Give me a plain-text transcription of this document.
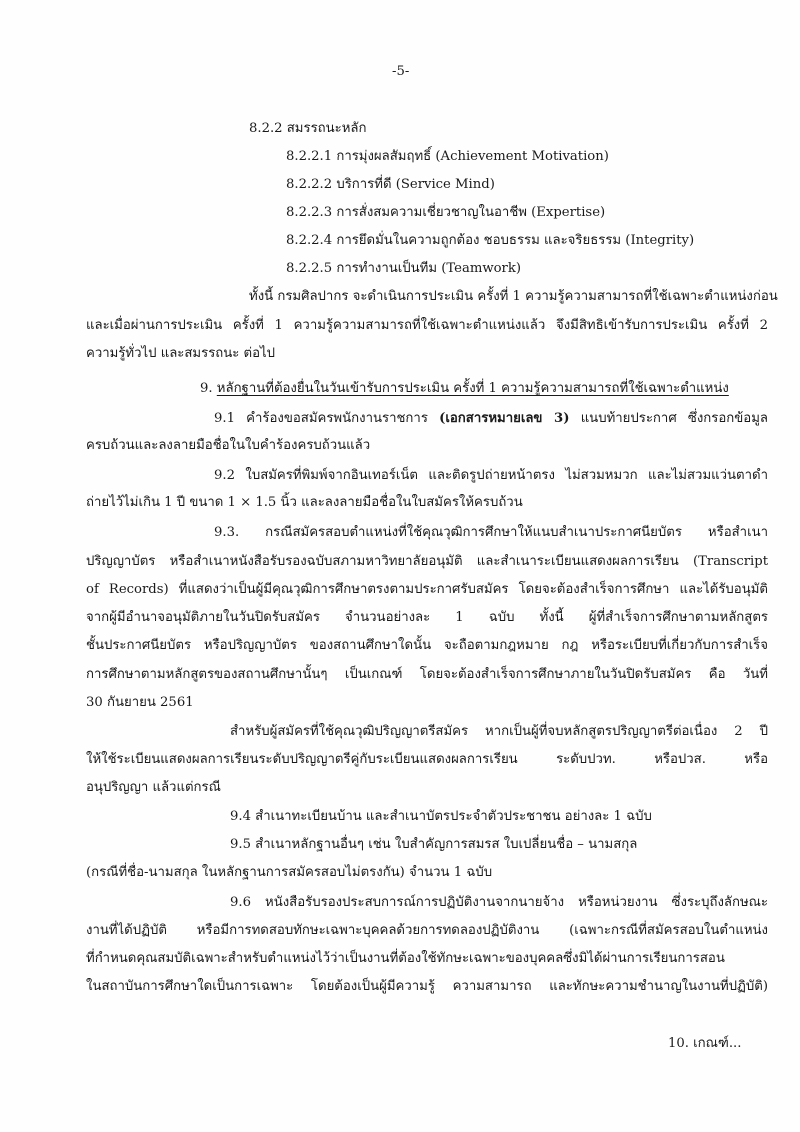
-5-
8.2.2 สมรรถนะหลัก
8.2.2.1 การมุ่งผลสัมฤทธิ์ (Achievement Motivation)
8.2.2.2 บริการที่ดี (Service Mind)
8.2.2.3 การสั่งสมความเชี่ยวชาญในอาชีพ (Expertise)
8.2.2.4 การยึดมั่นในความถูกต้อง ชอบธรรม และจริยธรรม (Integrity)
8.2.2.5 การทำงานเป็นทีม (Teamwork)
ทั้งนี้ กรมศิลปากร จะดำเนินการประเมิน ครั้งที่ 1 ความรู้ความสามารถที่ใช้เฉพาะตำแหน่งก่อน
และเมื่อผ่านการประเมิน ครั้งที่ 1 ความรู้ความสามารถที่ใช้เฉพาะตำแหน่งแล้ว จึงมีสิทธิเข้ารับการประเมิน ครั้งที่ 2
ความรู้ทั่วไป และสมรรถนะ ต่อไป
9. หลักฐานที่ต้องยื่นในวันเข้ารับการประเมิน ครั้งที่ 1 ความรู้ความสามารถที่ใช้เฉพาะตำแหน่ง
9.1 คำร้องขอสมัครพนักงานราชการ (เอกสารหมายเลข 3) แนบท้ายประกาศ ซึ่งกรอกข้อมูล
ครบถ้วนและลงลายมือชื่อในใบคำร้องครบถ้วนแล้ว
9.2 ใบสมัครที่พิมพ์จากอินเทอร์เน็ต และติดรูปถ่ายหน้าตรง ไม่สวมหมวก และไม่สวมแว่นตาดำ
ถ่ายไว้ไม่เกิน 1 ปี ขนาด 1 × 1.5 นิ้ว และลงลายมือชื่อในใบสมัครให้ครบถ้วน
9.3. กรณีสมัครสอบตำแหน่งที่ใช้คุณวุฒิการศึกษาให้แนบสำเนาประกาศนียบัตร หรือสำเนา
ปริญญาบัตร หรือสำเนาหนังสือรับรองฉบับสภามหาวิทยาลัยอนุมัติ และสำเนาระเบียนแสดงผลการเรียน (Transcript
of Records) ที่แสดงว่าเป็นผู้มีคุณวุฒิการศึกษาตรงตามประกาศรับสมัคร โดยจะต้องสำเร็จการศึกษา และได้รับอนุมัติ
จากผู้มีอำนาจอนุมัติภายในวันปิดรับสมัคร จำนวนอย่างละ 1 ฉบับ ทั้งนี้ ผู้ที่สำเร็จการศึกษาตามหลักสูตร
ชั้นประกาศนียบัตร หรือปริญญาบัตร ของสถานศึกษาใดนั้น จะถือตามกฎหมาย กฎ หรือระเบียบที่เกี่ยวกับการสำเร็จ
การศึกษาตามหลักสูตรของสถานศึกษานั้นๆ เป็นเกณฑ์ โดยจะต้องสำเร็จการศึกษาภายในวันปิดรับสมัคร คือ วันที่
30 กันยายน 2561
สำหรับผู้สมัครที่ใช้คุณวุฒิปริญญาตรีสมัคร หากเป็นผู้ที่จบหลักสูตรปริญญาตรีต่อเนื่อง 2 ปี
ให้ใช้ระเบียนแสดงผลการเรียนระดับปริญญาตรีคู่กับระเบียนแสดงผลการเรียน ระดับปวท. หรือปวส. หรือ
อนุปริญญา แล้วแต่กรณี
9.4 สำเนาทะเบียนบ้าน และสำเนาบัตรประจำตัวประชาชน อย่างละ 1 ฉบับ
9.5 สำเนาหลักฐานอื่นๆ เช่น ใบสำคัญการสมรส ใบเปลี่ยนชื่อ – นามสกุล
(กรณีที่ชื่อ-นามสกุล ในหลักฐานการสมัครสอบไม่ตรงกัน) จำนวน 1 ฉบับ
9.6 หนังสือรับรองประสบการณ์การปฏิบัติงานจากนายจ้าง หรือหน่วยงาน ซึ่งระบุถึงลักษณะ
งานที่ได้ปฏิบัติ หรือมีการทดสอบทักษะเฉพาะบุคคลด้วยการทดลองปฏิบัติงาน (เฉพาะกรณีที่สมัครสอบในตำแหน่ง
ที่กำหนดคุณสมบัติเฉพาะสำหรับตำแหน่งไว้ว่าเป็นงานที่ต้องใช้ทักษะเฉพาะของบุคคลซึ่งมิได้ผ่านการเรียนการสอน
ในสถาบันการศึกษาใดเป็นการเฉพาะ โดยต้องเป็นผู้มีความรู้ ความสามารถ และทักษะความชำนาญในงานที่ปฏิบัติ)
10. เกณฑ์...
